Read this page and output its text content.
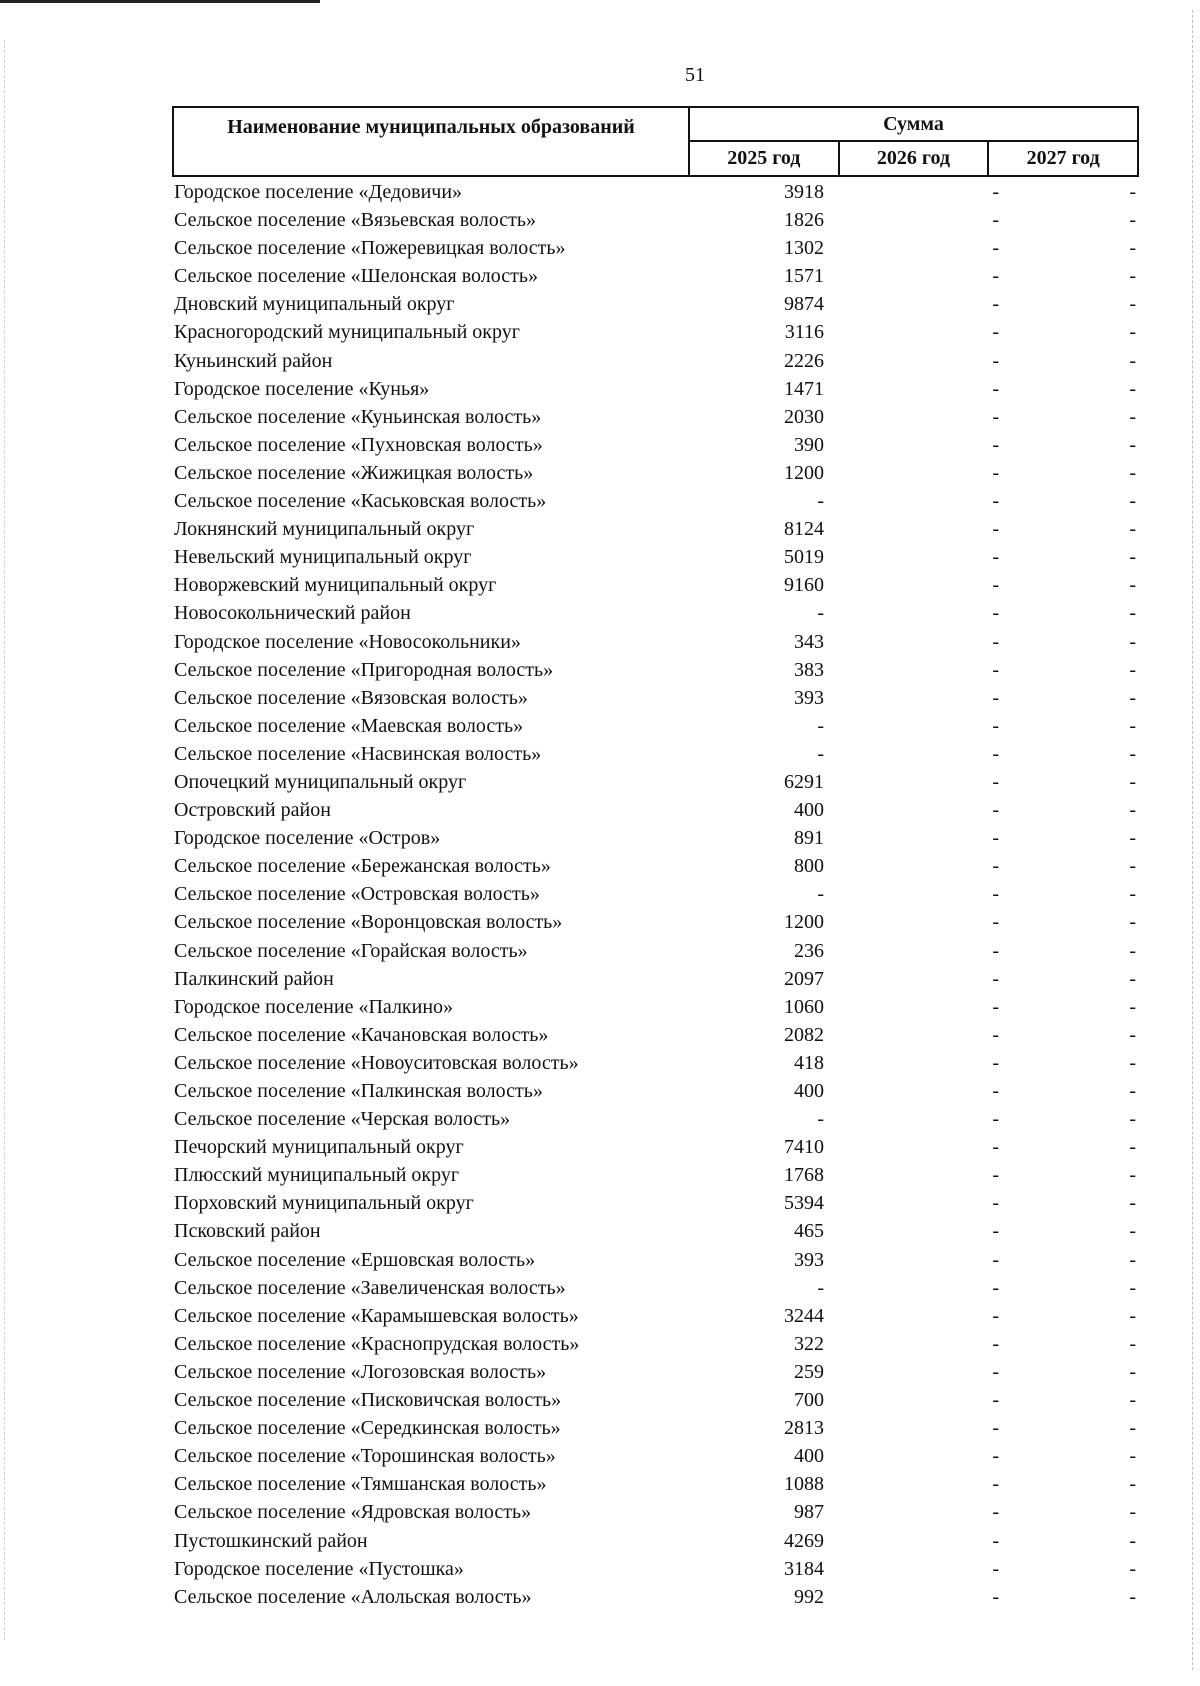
51
Наименование муниципальных образований	Сумма		
	2025 год	2026 год	2027 год
Городское поселение «Дедовичи»	3918	-	-
Сельское поселение «Вязьевская волость»	1826	-	-
Сельское поселение «Пожеревицкая волость»	1302	-	-
Сельское поселение «Шелонская волость»	1571	-	-
Дновский муниципальный округ	9874	-	-
Красногородский муниципальный округ	3116	-	-
Куньинский район	2226	-	-
Городское поселение «Кунья»	1471	-	-
Сельское поселение «Куньинская волость»	2030	-	-
Сельское поселение «Пухновская волость»	390	-	-
Сельское поселение «Жижицкая волость»	1200	-	-
Сельское поселение «Каськовская волость»	-	-	-
Локнянский муниципальный округ	8124	-	-
Невельский муниципальный округ	5019	-	-
Новоржевский муниципальный округ	9160	-	-
Новосокольнический район	-	-	-
Городское поселение «Новосокольники»	343	-	-
Сельское поселение «Пригородная волость»	383	-	-
Сельское поселение «Вязовская волость»	393	-	-
Сельское поселение «Маевская волость»	-	-	-
Сельское поселение «Насвинская волость»	-	-	-
Опочецкий муниципальный округ	6291	-	-
Островский район	400	-	-
Городское поселение «Остров»	891	-	-
Сельское поселение «Бережанская волость»	800	-	-
Сельское поселение «Островская волость»	-	-	-
Сельское поселение «Воронцовская волость»	1200	-	-
Сельское поселение «Горайская волость»	236	-	-
Палкинский район	2097	-	-
Городское поселение «Палкино»	1060	-	-
Сельское поселение «Качановская волость»	2082	-	-
Сельское поселение «Новоуситовская волость»	418	-	-
Сельское поселение «Палкинская волость»	400	-	-
Сельское поселение «Черская волость»	-	-	-
Печорский муниципальный округ	7410	-	-
Плюсский муниципальный округ	1768	-	-
Порховский муниципальный округ	5394	-	-
Псковский район	465	-	-
Сельское поселение «Ершовская волость»	393	-	-
Сельское поселение «Завеличенская волость»	-	-	-
Сельское поселение «Карамышевская волость»	3244	-	-
Сельское поселение «Краснопрудская волость»	322	-	-
Сельское поселение «Логозовская волость»	259	-	-
Сельское поселение «Писковичская волость»	700	-	-
Сельское поселение «Середкинская волость»	2813	-	-
Сельское поселение «Торошинская волость»	400	-	-
Сельское поселение «Тямшанская волость»	1088	-	-
Сельское поселение «Ядровская волость»	987	-	-
Пустошкинский район	4269	-	-
Городское поселение «Пустошка»	3184	-	-
Сельское поселение «Алольская волость»	992	-	-
